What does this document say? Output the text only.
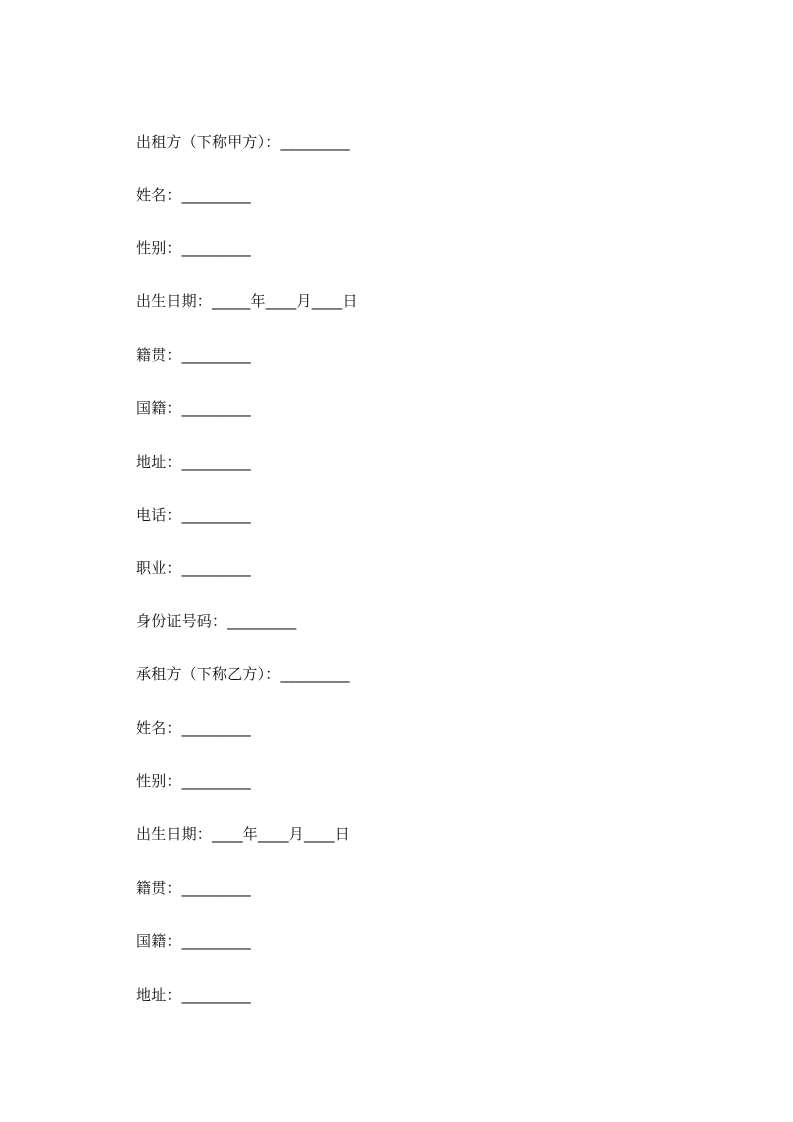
出租方（下称甲方）：_________
姓名：_________
性别：_________
出生日期：_____年____月____日
籍贯：_________
国籍：_________
地址：_________
电话：_________
职业：_________
身份证号码：_________
承租方（下称乙方）：_________
姓名：_________
性别：_________
出生日期：____年____月____日
籍贯：_________
国籍：_________
地址：_________
